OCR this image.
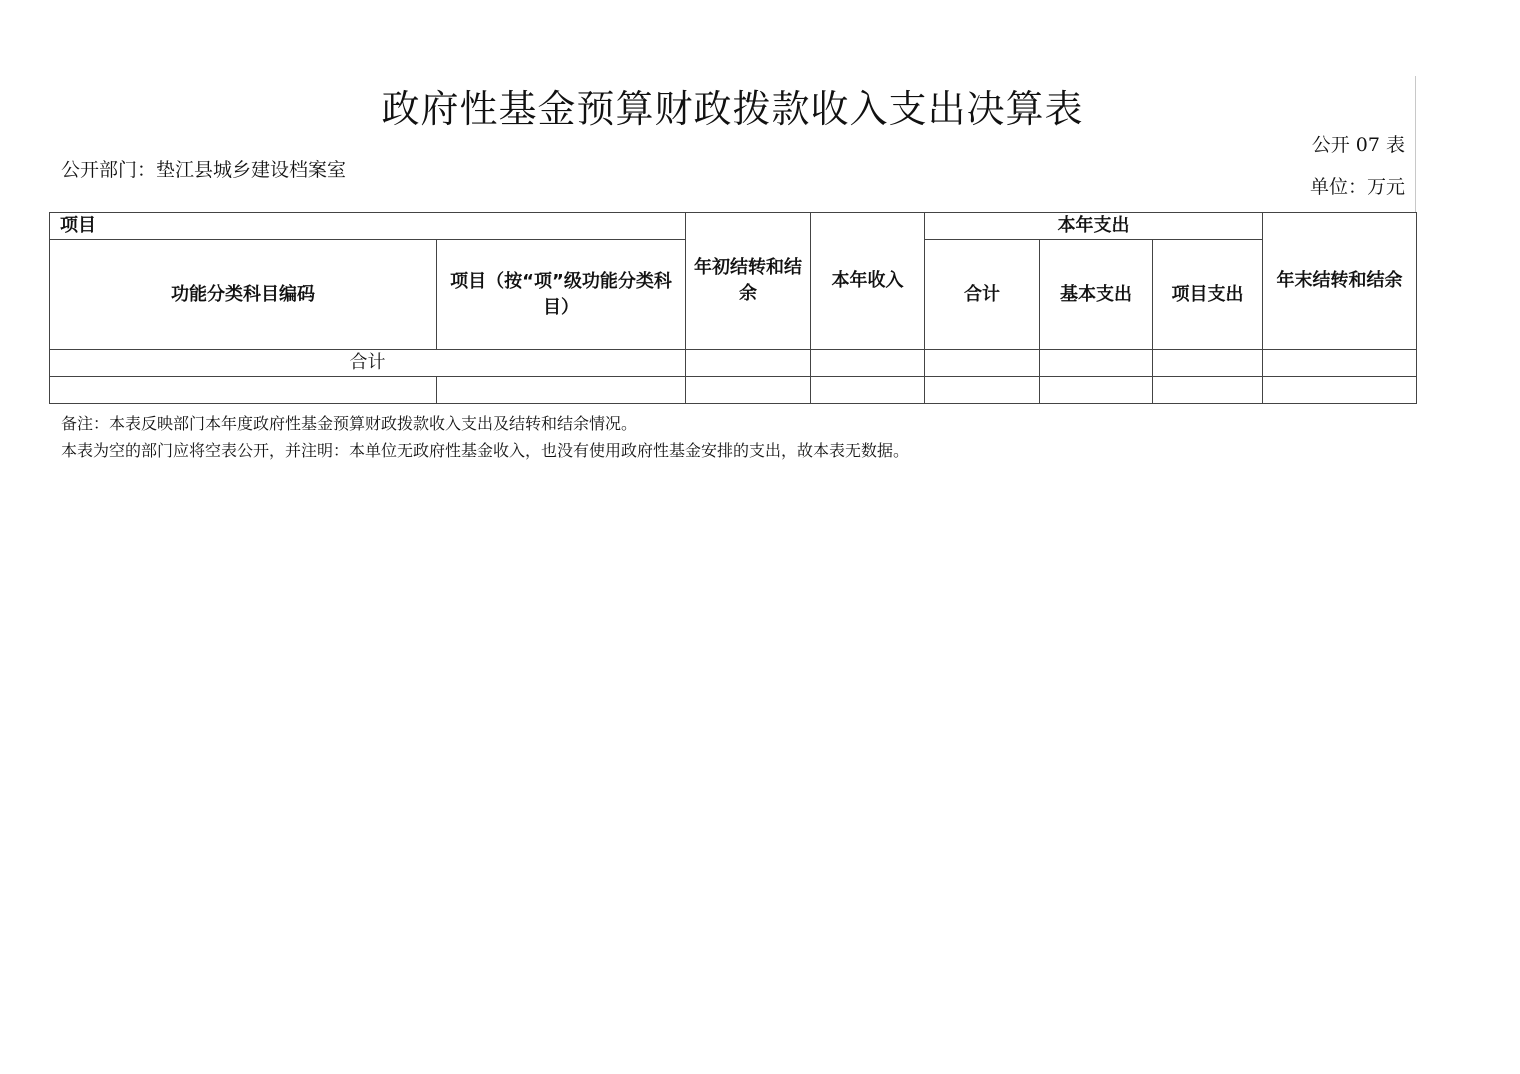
政府性基金预算财政拨款收入支出决算表
公开 07 表
公开部门：垫江县城乡建设档案室
单位：万元
项目		年初结转和结余	本年收入	本年支出			年末结转和结余
功能分类科目编码	项目（按“项”级功能分类科目）			合计	基本支出	项目支出	
合计							

备注：本表反映部门本年度政府性基金预算财政拨款收入支出及结转和结余情况。
本表为空的部门应将空表公开，并注明：本单位无政府性基金收入，也没有使用政府性基金安排的支出，故本表无数据。
